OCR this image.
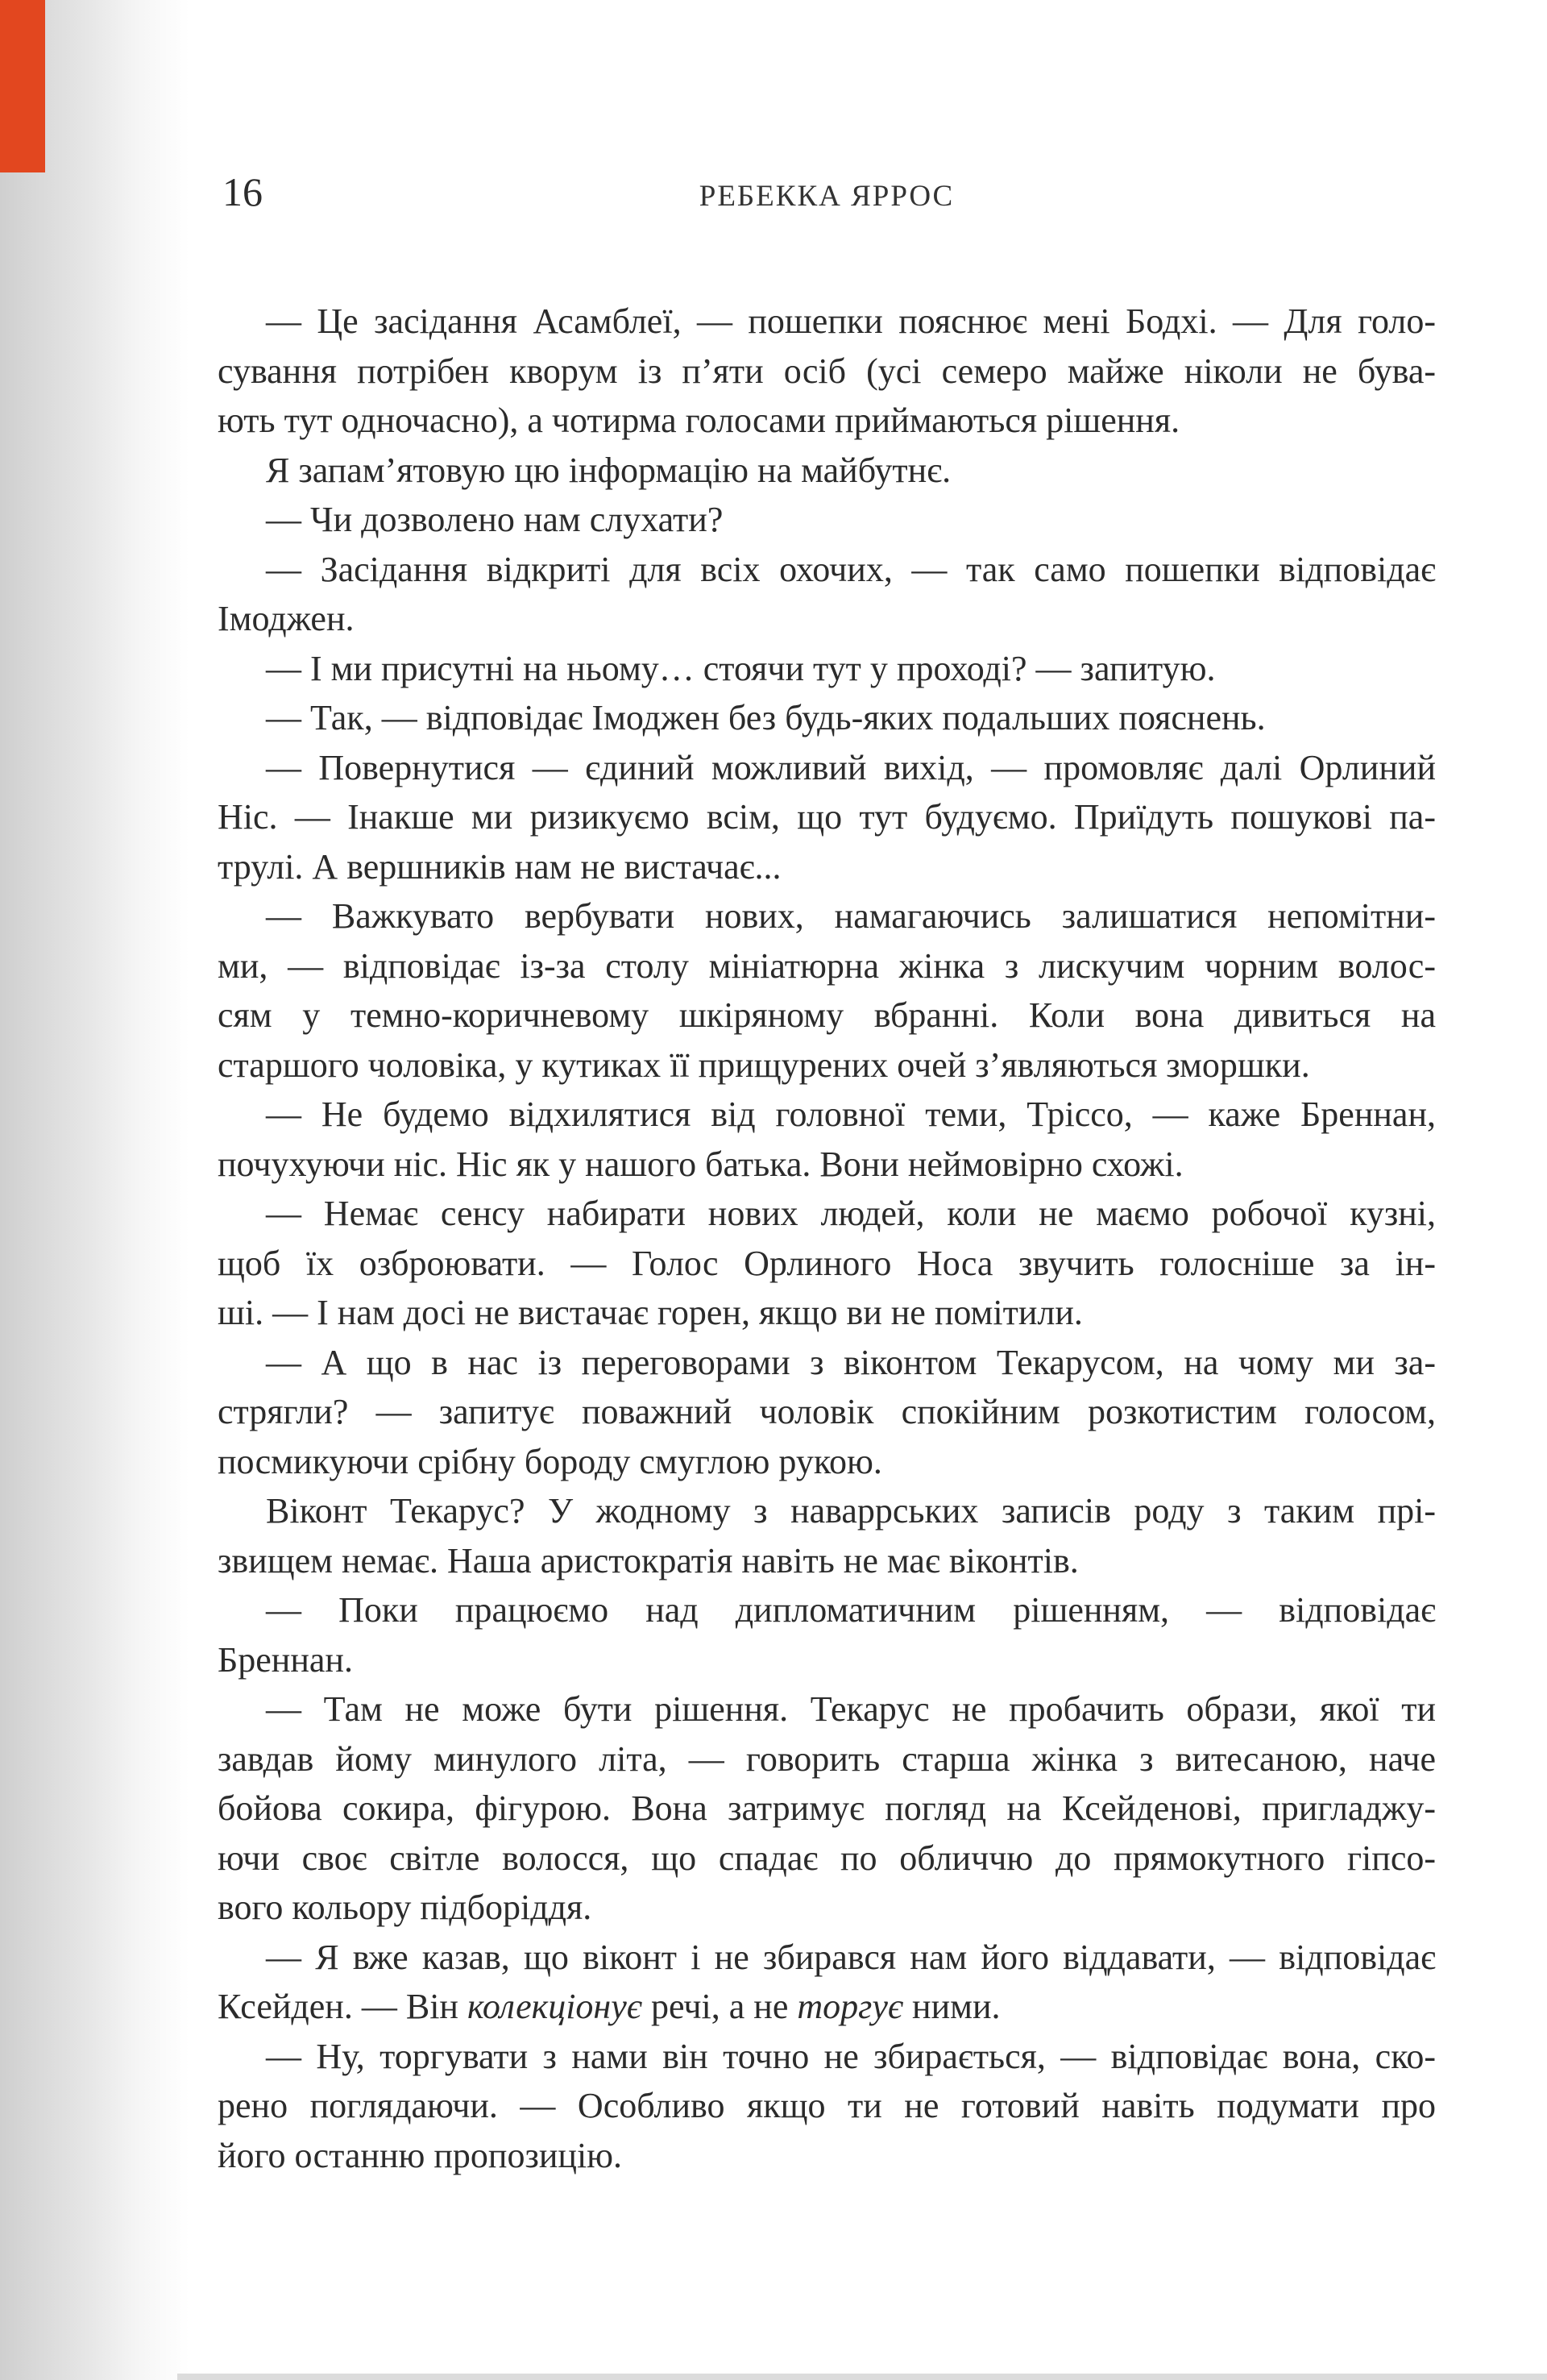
16	РЕБЕККА ЯРРОС
— Це засідання Асамблеї, — пошепки пояснює мені Бодхі. — Для голо-
сування потрібен кворум із п’яти осіб (усі семеро майже ніколи не бува-
ють тут одночасно), а чотирма голосами приймаються рішення.
Я запам’ятовую цю інформацію на майбутнє.
— Чи дозволено нам слухати?
— Засідання відкриті для всіх охочих, — так само пошепки відповідає
Імоджен.
— І ми присутні на ньому… стоячи тут у проході? — запитую.
— Так, — відповідає Імоджен без будь-яких подальших пояснень.
— Повернутися — єдиний можливий вихід, — промовляє далі Орлиний
Ніс. — Інакше ми ризикуємо всім, що тут будуємо. Приїдуть пошукові па-
трулі. А вершників нам не вистачає...
— Важкувато вербувати нових, намагаючись залишатися непомітни-
ми, — відповідає із-за столу мініатюрна жінка з лискучим чорним волос-
сям у темно-коричневому шкіряному вбранні. Коли вона дивиться на
старшого чоловіка, у кутиках її прищурених очей з’являються зморшки.
— Не будемо відхилятися від головної теми, Тріссо, — каже Бреннан,
почухуючи ніс. Ніс як у нашого батька. Вони неймовірно схожі.
— Немає сенсу набирати нових людей, коли не маємо робочої кузні,
щоб їх озброювати. — Голос Орлиного Носа звучить голосніше за ін-
ші. — І нам досі не вистачає горен, якщо ви не помітили.
— А що в нас із переговорами з віконтом Текарусом, на чому ми за-
стрягли? — запитує поважний чоловік спокійним розкотистим голосом,
посмикуючи срібну бороду смуглою рукою.
Віконт Текарус? У жодному з наваррських записів роду з таким прі-
звищем немає. Наша аристократія навіть не має віконтів.
— Поки працюємо над дипломатичним рішенням, — відповідає
Бреннан.
— Там не може бути рішення. Текарус не пробачить образи, якої ти
завдав йому минулого літа, — говорить старша жінка з витесаною, наче
бойова сокира, фігурою. Вона затримує погляд на Ксейденові, пригладжу-
ючи своє світле волосся, що спадає по обличчю до прямокутного гіпсо-
вого кольору підборіддя.
— Я вже казав, що віконт і не збирався нам його віддавати, — відповідає
Ксейден. — Він колекціонує речі, а не торгує ними.
— Ну, торгувати з нами він точно не збирається, — відповідає вона, ско-
рено поглядаючи. — Особливо якщо ти не готовий навіть подумати про
його останню пропозицію.
